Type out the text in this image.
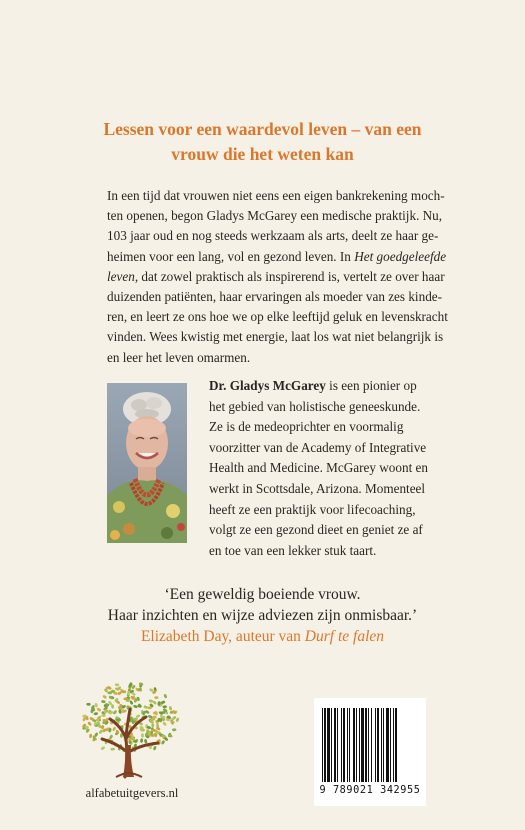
Lessen voor een waardevol leven – van een
vrouw die het weten kan
In een tijd dat vrouwen niet eens een eigen bankrekening moch-
ten openen, begon Gladys McGarey een medische praktijk. Nu,
103 jaar oud en nog steeds werkzaam als arts, deelt ze haar ge-
heimen voor een lang, vol en gezond leven. In Het goedgeleefde
leven, dat zowel praktisch als inspirerend is, vertelt ze over haar
duizenden patiënten, haar ervaringen als moeder van zes kinde-
ren, en leert ze ons hoe we op elke leeftijd geluk en levenskracht
vinden. Wees kwistig met energie, laat los wat niet belangrijk is
en leer het leven omarmen.
Dr. Gladys McGarey is een pionier op
het gebied van holistische geneeskunde.
Ze is de medeoprichter en voormalig
voorzitter van de Academy of Integrative
Health and Medicine. McGarey woont en
werkt in Scottsdale, Arizona. Momenteel
heeft ze een praktijk voor lifecoaching,
volgt ze een gezond dieet en geniet ze af
en toe van een lekker stuk taart.
‘Een geweldig boeiende vrouw.
Haar inzichten en wijze adviezen zijn onmisbaar.’
Elizabeth Day, auteur van Durf te falen
alfabetuitgevers.nl	9 789021 342955
